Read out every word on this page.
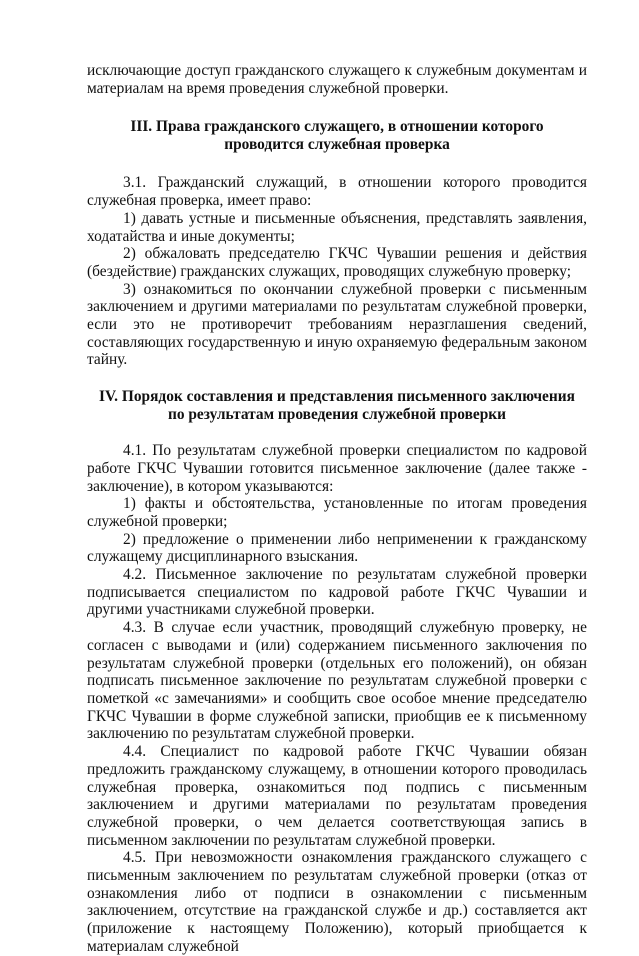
исключающие доступ гражданского служащего к служебным документам и материалам на время проведения служебной проверки.

III. Права гражданского служащего, в отношении которого проводится служебная проверка

3.1. Гражданский служащий, в отношении которого проводится служебная проверка, имеет право:

1) давать устные и письменные объяснения, представлять заявления, ходатайства и иные документы;

2) обжаловать председателю ГКЧС Чувашии решения и действия (бездействие) гражданских служащих, проводящих служебную проверку;

3) ознакомиться по окончании служебной проверки с письменным заключением и другими материалами по результатам служебной проверки, если это не противоречит требованиям неразглашения сведений, составляющих государственную и иную охраняемую федеральным законом тайну.

IV. Порядок составления и представления письменного заключения по результатам проведения служебной проверки

4.1. По результатам служебной проверки специалистом по кадровой работе ГКЧС Чувашии готовится письменное заключение (далее также - заключение), в котором указываются:

1) факты и обстоятельства, установленные по итогам проведения служебной проверки;

2) предложение о применении либо неприменении к гражданскому служащему дисциплинарного взыскания.

4.2. Письменное заключение по результатам служебной проверки подписывается специалистом по кадровой работе ГКЧС Чувашии и другими участниками служебной проверки.

4.3. В случае если участник, проводящий служебную проверку, не согласен с выводами и (или) содержанием письменного заключения по результатам служебной проверки (отдельных его положений), он обязан подписать письменное заключение по результатам служебной проверки с пометкой «с замечаниями» и сообщить свое особое мнение председателю ГКЧС Чувашии в форме служебной записки, приобщив ее к письменному заключению по результатам служебной проверки.

4.4. Специалист по кадровой работе ГКЧС Чувашии обязан предложить гражданскому служащему, в отношении которого проводилась служебная проверка, ознакомиться под подпись с письменным заключением и другими материалами по результатам проведения служебной проверки, о чем делается соответствующая запись в письменном заключении по результатам служебной проверки.

4.5. При невозможности ознакомления гражданского служащего с письменным заключением по результатам служебной проверки (отказ от ознакомления либо от подписи в ознакомлении с письменным заключением, отсутствие на гражданской службе и др.) составляется акт (приложение к настоящему Положению), который приобщается к материалам служебной
